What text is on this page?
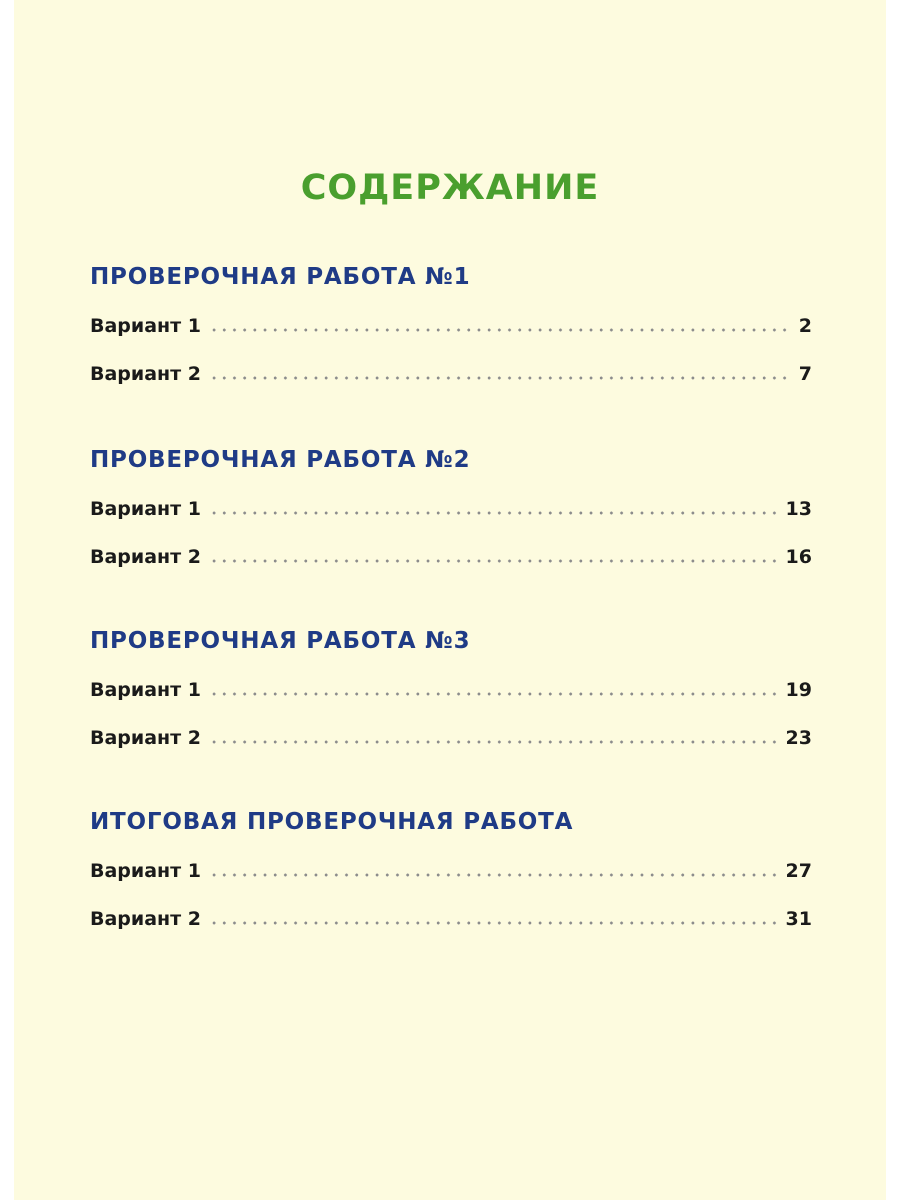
СОДЕРЖАНИЕ
ПРОВЕРОЧНАЯ РАБОТА №1
Вариант 1	2
Вариант 2	7
ПРОВЕРОЧНАЯ РАБОТА №2
Вариант 1	13
Вариант 2	16
ПРОВЕРОЧНАЯ РАБОТА №3
Вариант 1	19
Вариант 2	23
ИТОГОВАЯ ПРОВЕРОЧНАЯ РАБОТА
Вариант 1	27
Вариант 2	31
